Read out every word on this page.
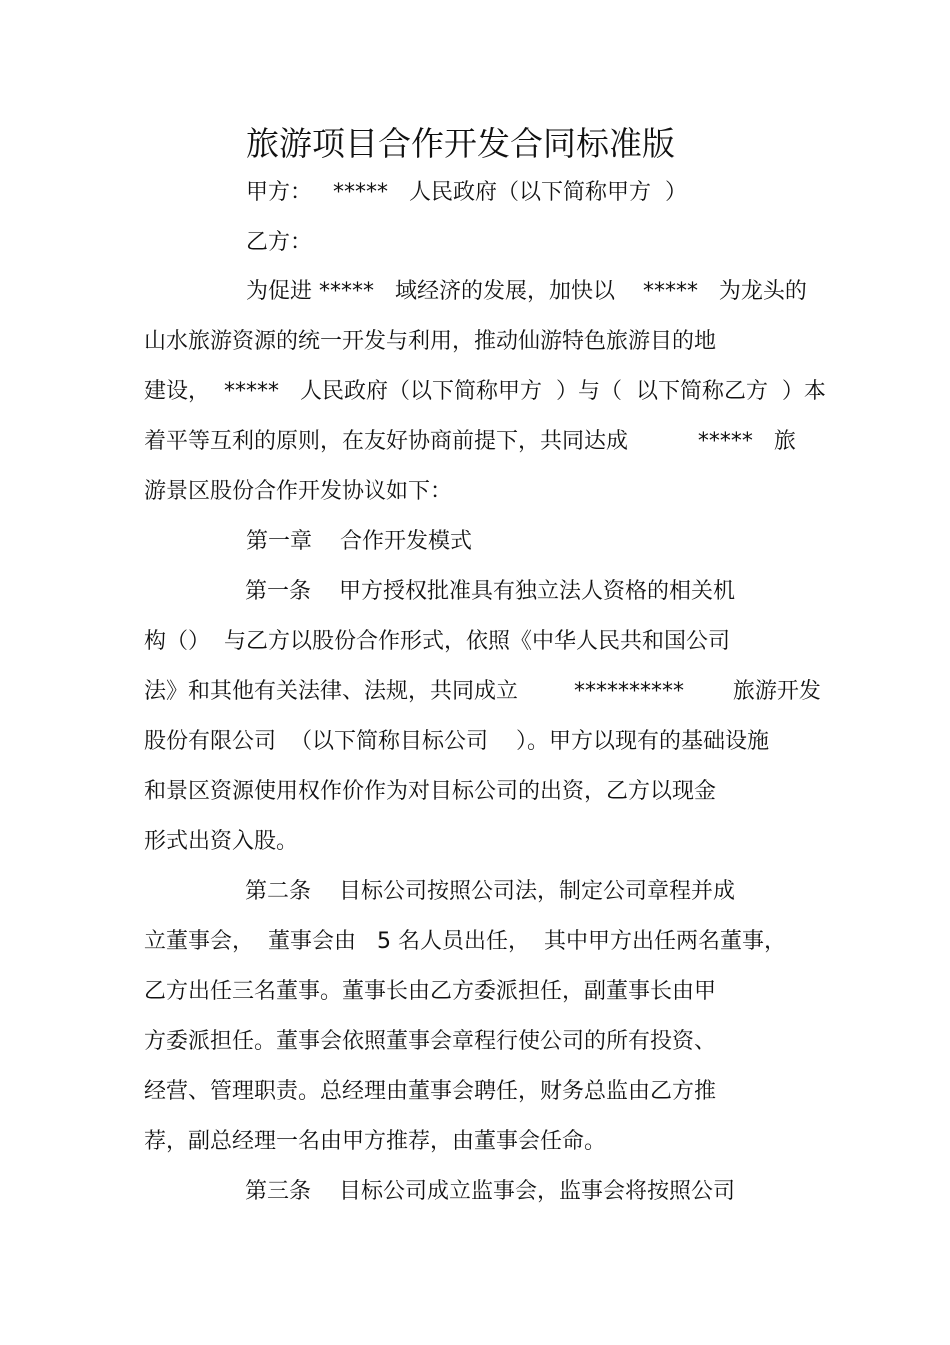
旅游项目合作开发合同标准版
甲方：   *****   人民政府（以下简称甲方  ）
乙方：
为促进 *****   域经济的发展，加快以    *****   为龙头的
山水旅游资源的统一开发与利用，推动仙游特色旅游目的地
建设，  *****   人民政府（以下简称甲方  ）与（  以下简称乙方  ）本
着平等互利的原则，在友好协商前提下，共同达成          *****   旅
游景区股份合作开发协议如下：
第一章    合作开发模式
第一条    甲方授权批准具有独立法人资格的相关机
构（）  与乙方以股份合作形式，依照《中华人民共和国公司
法》和其他有关法律、法规，共同成立        **********       旅游开发
股份有限公司  （以下简称目标公司    ）。甲方以现有的基础设施
和景区资源使用权作价作为对目标公司的出资，乙方以现金
形式出资入股。
第二条    目标公司按照公司法，制定公司章程并成
立董事会，  董事会由   5 名人员出任，  其中甲方出任两名董事，
乙方出任三名董事。董事长由乙方委派担任，副董事长由甲
方委派担任。董事会依照董事会章程行使公司的所有投资、
经营、管理职责。总经理由董事会聘任，财务总监由乙方推
荐，副总经理一名由甲方推荐，由董事会任命。
第三条    目标公司成立监事会，监事会将按照公司
